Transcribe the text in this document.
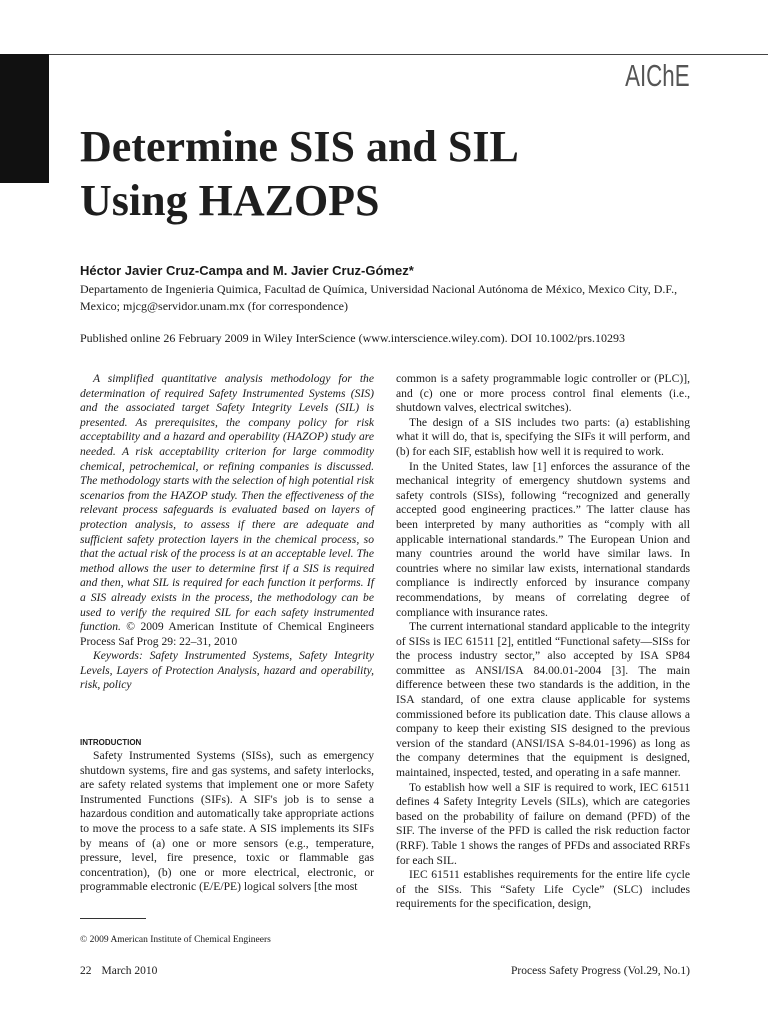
AIChE
Determine SIS and SIL
Using HAZOPS
Héctor Javier Cruz-Campa and M. Javier Cruz-Gómez*
Departamento de Ingenieria Quimica, Facultad de Química, Universidad Nacional Autónoma de México, Mexico City, D.F.,
Mexico; mjcg@servidor.unam.mx (for correspondence)
Published online 26 February 2009 in Wiley InterScience (www.interscience.wiley.com). DOI 10.1002/prs.10293

A simplified quantitative analysis methodology for the determination of required Safety Instrumented Systems (SIS) and the associated target Safety Integrity Levels (SIL) is presented. As prerequisites, the company policy for risk acceptability and a hazard and operability (HAZOP) study are needed. A risk acceptability criterion for large commodity chemical, petrochemical, or refining companies is discussed. The methodology starts with the selection of high potential risk scenarios from the HAZOP study. Then the effectiveness of the relevant process safeguards is evaluated based on layers of protection analysis, to assess if there are adequate and sufficient safety protection layers in the chemical process, so that the actual risk of the process is at an acceptable level. The method allows the user to determine first if a SIS is required and then, what SIL is required for each function it performs. If a SIS already exists in the process, the methodology can be used to verify the required SIL for each safety instrumented function. © 2009 American Institute of Chemical Engineers Process Saf Prog 29: 22–31, 2010

Keywords: Safety Instrumented Systems, Safety Integrity Levels, Layers of Protection Analysis, hazard and operability, risk, policy

INTRODUCTION

Safety Instrumented Systems (SISs), such as emergency shutdown systems, fire and gas systems, and safety interlocks, are safety related systems that implement one or more Safety Instrumented Functions (SIFs). A SIF's job is to sense a hazardous condition and automatically take appropriate actions to move the process to a safe state. A SIS implements its SIFs by means of (a) one or more sensors (e.g., temperature, pressure, level, fire presence, toxic or flammable gas concentration), (b) one or more electrical, electronic, or programmable electronic (E/E/PE) logical solvers [the most

© 2009 American Institute of Chemical Engineers

common is a safety programmable logic controller or (PLC)], and (c) one or more process control final elements (i.e., shutdown valves, electrical switches).

The design of a SIS includes two parts: (a) establishing what it will do, that is, specifying the SIFs it will perform, and (b) for each SIF, establish how well it is required to work.

In the United States, law [1] enforces the assurance of the mechanical integrity of emergency shutdown systems and safety controls (SISs), following “recognized and generally accepted good engineering practices.” The latter clause has been interpreted by many authorities as “comply with all applicable international standards.” The European Union and many countries around the world have similar laws. In countries where no similar law exists, international standards compliance is indirectly enforced by insurance company recommendations, by means of correlating degree of compliance with insurance rates.

The current international standard applicable to the integrity of SISs is IEC 61511 [2], entitled “Functional safety—SISs for the process industry sector,” also accepted by ISA SP84 committee as ANSI/ISA 84.00.01-2004 [3]. The main difference between these two standards is the addition, in the ISA standard, of one extra clause applicable for systems commissioned before its publication date. This clause allows a company to keep their existing SIS designed to the previous version of the standard (ANSI/ISA S-84.01-1996) as long as the company determines that the equipment is designed, maintained, inspected, tested, and operating in a safe manner.

To establish how well a SIF is required to work, IEC 61511 defines 4 Safety Integrity Levels (SILs), which are categories based on the probability of failure on demand (PFD) of the SIF. The inverse of the PFD is called the risk reduction factor (RRF). Table 1 shows the ranges of PFDs and associated RRFs for each SIL.

IEC 61511 establishes requirements for the entire life cycle of the SISs. This “Safety Life Cycle” (SLC) includes requirements for the specification, design,

22 March 2010	Process Safety Progress (Vol.29, No.1)
